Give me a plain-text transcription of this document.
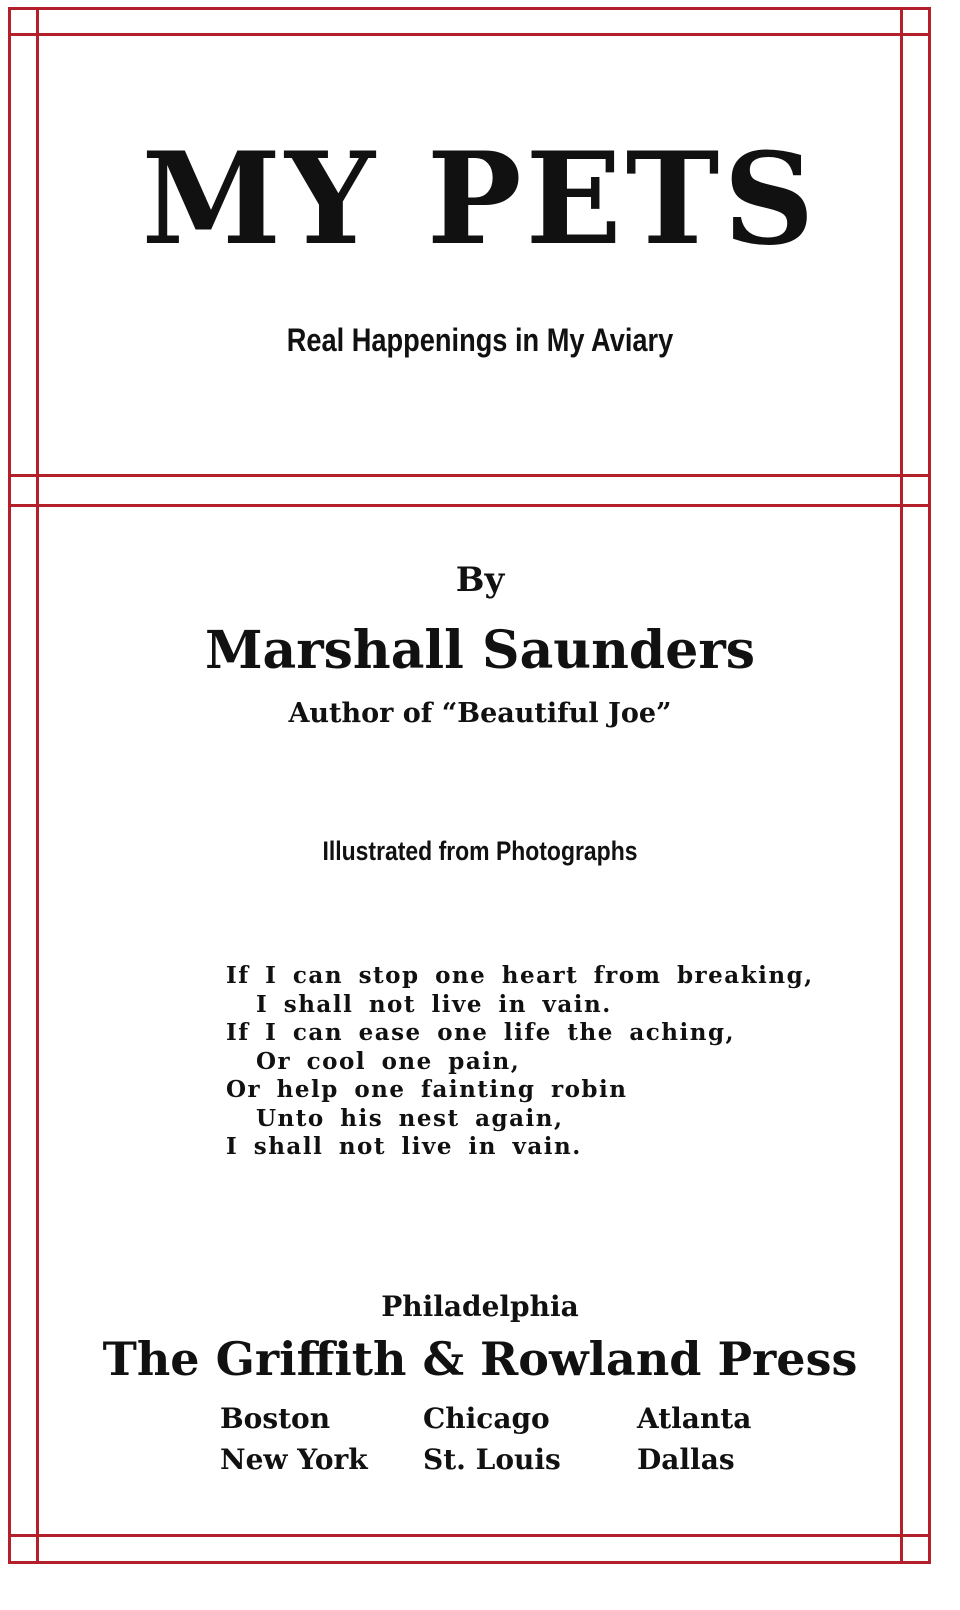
MY PETS
Real Happenings in My Aviary
By
Marshall Saunders
Author of “Beautiful Joe”
Illustrated from Photographs
If I can stop one heart from breaking,
I shall not live in vain.
If I can ease one life the aching,
Or cool one pain,
Or help one fainting robin
Unto his nest again,
I shall not live in vain.
Philadelphia
The Griffith & Rowland Press
Boston
New York
Chicago
St. Louis
Atlanta
Dallas
